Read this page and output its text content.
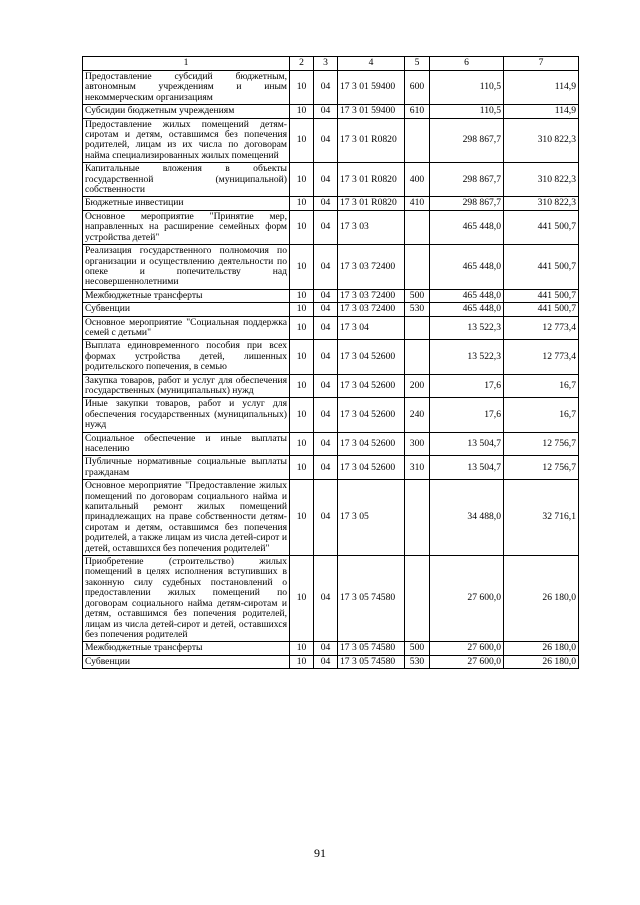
1	2	3	4	5	6	7
Предоставление субсидий бюджетным, автономным учреждениям и иным некоммерческим организациям	10	04	17 3 01 59400	600	110,5	114,9
Субсидии бюджетным учреждениям	10	04	17 3 01 59400	610	110,5	114,9
Предоставление жилых помещений детям-сиротам и детям, оставшимся без попечения родителей, лицам из их числа по договорам найма специализированных жилых помещений	10	04	17 3 01 R0820		298 867,7	310 822,3
Капитальные вложения в объекты государственной (муниципальной) собственности	10	04	17 3 01 R0820	400	298 867,7	310 822,3
Бюджетные инвестиции	10	04	17 3 01 R0820	410	298 867,7	310 822,3
Основное мероприятие "Принятие мер, направленных на расширение семейных форм устройства детей"	10	04	17 3 03		465 448,0	441 500,7
Реализация государственного полномочия по организации и осуществлению деятельности по опеке и попечительству над несовершеннолетними	10	04	17 3 03 72400		465 448,0	441 500,7
Межбюджетные трансферты	10	04	17 3 03 72400	500	465 448,0	441 500,7
Субвенции	10	04	17 3 03 72400	530	465 448,0	441 500,7
Основное мероприятие "Социальная поддержка семей с детьми"	10	04	17 3 04		13 522,3	12 773,4
Выплата единовременного пособия при всех формах устройства детей, лишенных родительского попечения, в семью	10	04	17 3 04 52600		13 522,3	12 773,4
Закупка товаров, работ и услуг для обеспечения государственных (муниципальных) нужд	10	04	17 3 04 52600	200	17,6	16,7
Иные закупки товаров, работ и услуг для обеспечения государственных (муниципальных) нужд	10	04	17 3 04 52600	240	17,6	16,7
Социальное обеспечение и иные выплаты населению	10	04	17 3 04 52600	300	13 504,7	12 756,7
Публичные нормативные социальные выплаты гражданам	10	04	17 3 04 52600	310	13 504,7	12 756,7
Основное мероприятие "Предоставление жилых помещений по договорам социального найма и капитальный ремонт жилых помещений принадлежащих на праве собственности детям-сиротам и детям, оставшимся без попечения родителей, а также лицам из числа детей-сирот и детей, оставшихся без попечения родителей"	10	04	17 3 05		34 488,0	32 716,1
Приобретение (строительство) жилых помещений в целях исполнения вступивших в законную силу судебных постановлений о предоставлении жилых помещений по договорам социального найма детям-сиротам и детям, оставшимся без попечения родителей, лицам из числа детей-сирот и детей, оставшихся без попечения родителей	10	04	17 3 05 74580		27 600,0	26 180,0
Межбюджетные трансферты	10	04	17 3 05 74580	500	27 600,0	26 180,0
Субвенции	10	04	17 3 05 74580	530	27 600,0	26 180,0
91
